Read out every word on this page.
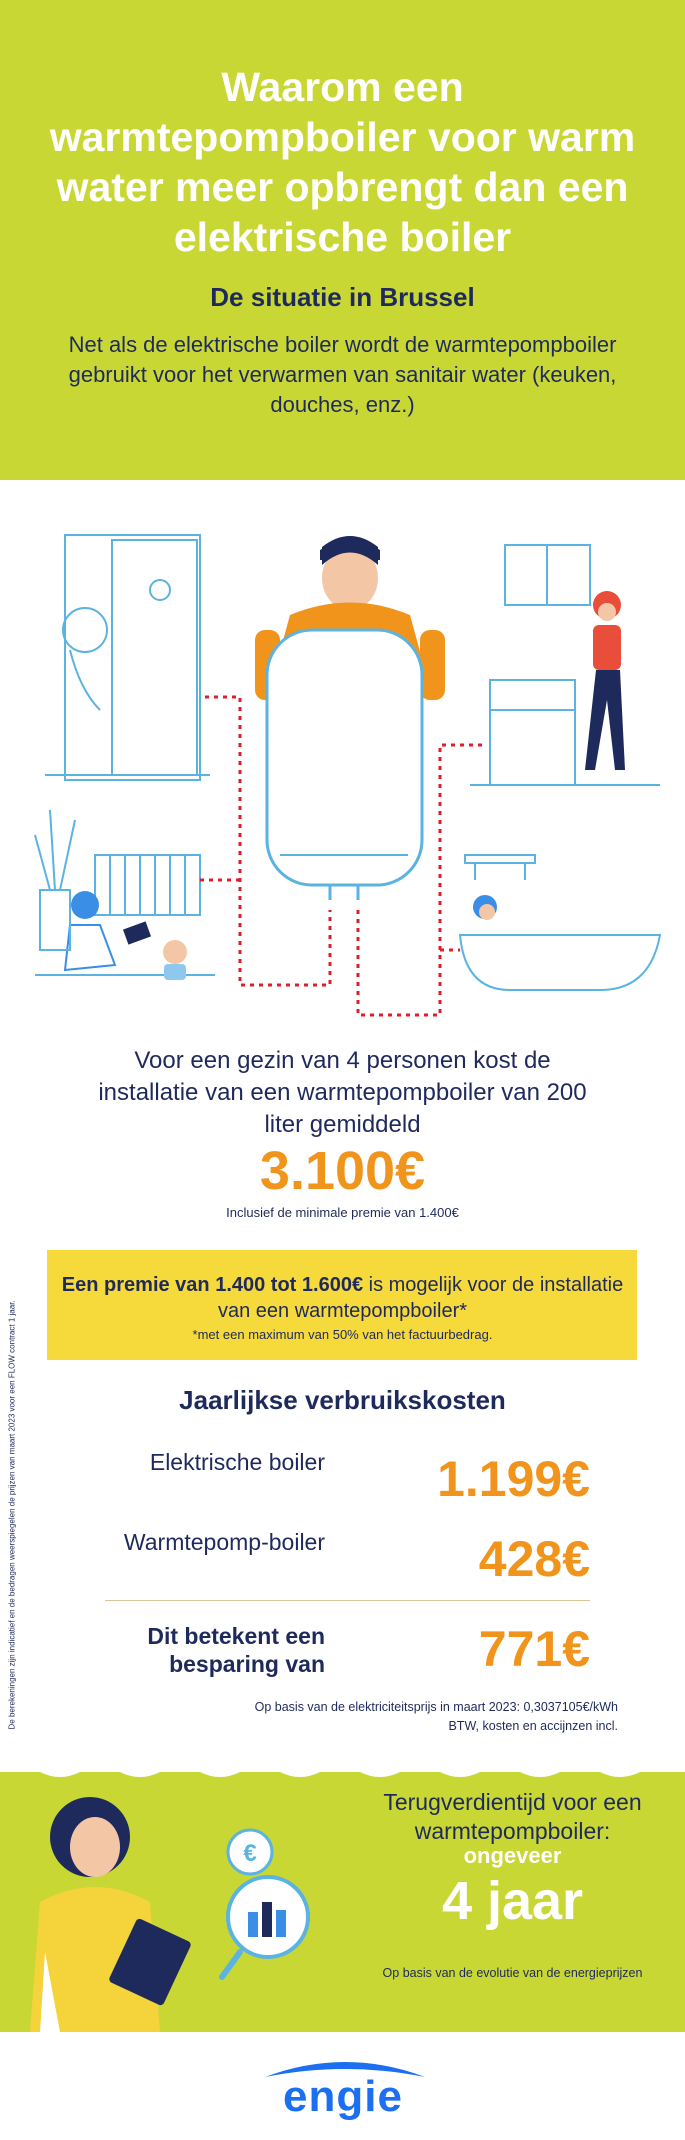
Waarom een warmtepompboiler voor warm water meer opbrengt dan een elektrische boiler
De situatie in Brussel
Net als de elektrische boiler wordt de warmtepompboiler gebruikt voor het verwarmen van sanitair water (keuken, douches, enz.)
Voor een gezin van 4 personen kost de installatie van een warmtepompboiler van 200 liter gemiddeld
3.100€
Inclusief de minimale premie van 1.400€
Een premie van 1.400 tot 1.600€ is mogelijk voor de installatie van een warmtepompboiler*
*met een maximum van 50% van het factuurbedrag.
Jaarlijkse verbruikskosten
Elektrische boiler	1.199€
Warmtepomp-boiler	428€
Dit betekent een besparing van	771€
Op basis van de elektriciteitsprijs in maart 2023: 0,3037105€/kWh
BTW, kosten en accijnzen incl.
De berekeningen zijn indicatief en de bedragen weerspiegelen de prijzen van maart 2023 voor een FLOW contract 1 jaar.
€
Terugverdientijd voor een warmtepompboiler:
ongeveer
4 jaar
Op basis van de evolutie van de energieprijzen
engie
